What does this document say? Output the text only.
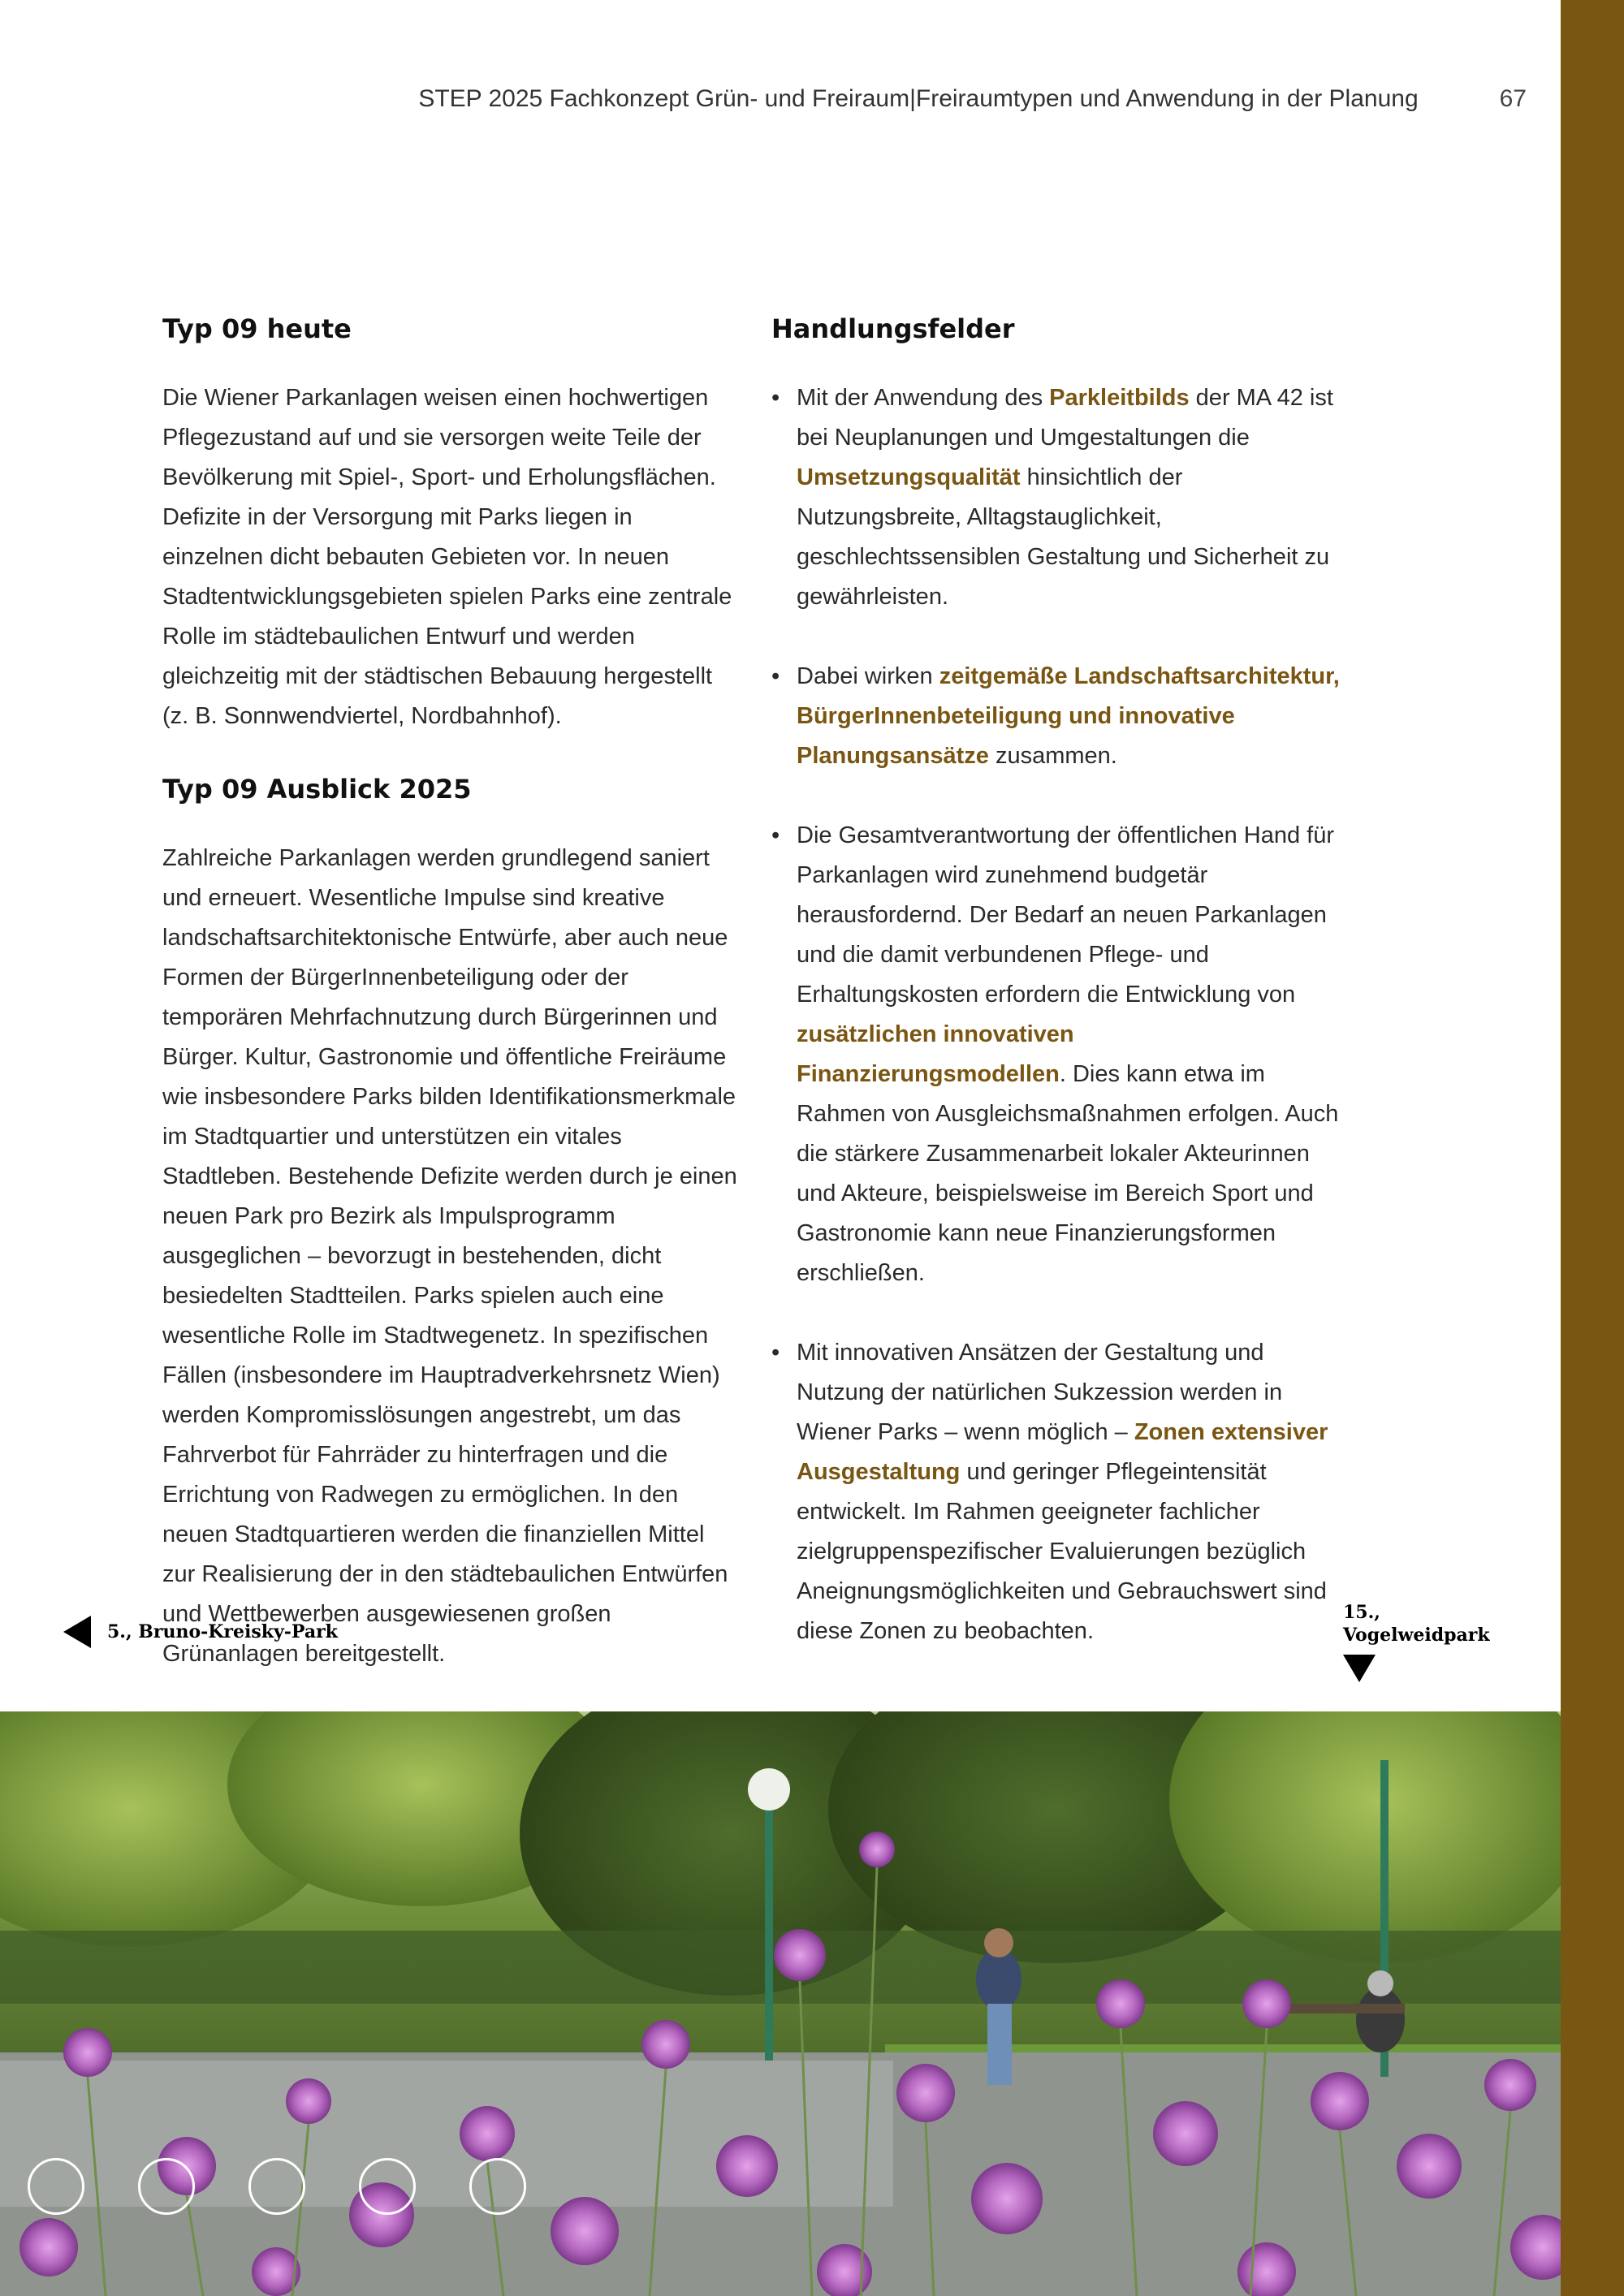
STEP 2025 Fachkonzept Grün- und Freiraum | Freiraumtypen und Anwendung in der Planung	67
Typ 09 heute

Die Wiener Parkanlagen weisen einen hochwertigen Pflegezustand auf und sie versorgen weite Teile der Bevölkerung mit Spiel-, Sport- und Erholungsflächen. Defizite in der Versorgung mit Parks liegen in einzelnen dicht bebauten Gebieten vor. In neuen Stadtentwicklungsgebieten spielen Parks eine zentrale Rolle im städtebaulichen Entwurf und werden gleichzeitig mit der städtischen Bebauung hergestellt (z. B. Sonnwendviertel, Nordbahnhof).

Typ 09 Ausblick 2025

Zahlreiche Parkanlagen werden grundlegend saniert und erneuert. Wesentliche Impulse sind kreative landschaftsarchitektonische Entwürfe, aber auch neue Formen der BürgerInnenbeteiligung oder der temporären Mehrfachnutzung durch Bürgerinnen und Bürger. Kultur, Gastronomie und öffentliche Freiräume wie insbesondere Parks bilden Identifikationsmerkmale im Stadtquartier und unterstützen ein vitales Stadtleben. Bestehende Defizite werden durch je einen neuen Park pro Bezirk als Impulsprogramm ausgeglichen – bevorzugt in bestehenden, dicht besiedelten Stadtteilen. Parks spielen auch eine wesentliche Rolle im Stadtwegenetz. In spezifischen Fällen (insbesondere im Hauptradverkehrsnetz Wien) werden Kompromisslösungen angestrebt, um das Fahrverbot für Fahrräder zu hinterfragen und die Errichtung von Radwegen zu ermöglichen. In den neuen Stadtquartieren werden die finanziellen Mittel zur Realisierung der in den städtebaulichen Entwürfen und Wettbewerben ausgewiesenen großen Grünanlagen bereitgestellt.

Handlungsfelder
• Mit der Anwendung des Parkleitbilds der MA 42 ist bei Neuplanungen und Umgestaltungen die Umsetzungsqualität hinsichtlich der Nutzungsbreite, Alltagstauglichkeit, geschlechtssensiblen Gestaltung und Sicherheit zu gewährleisten.
• Dabei wirken zeitgemäße Landschaftsarchitektur, BürgerInnenbeteiligung und innovative Planungsansätze zusammen.
• Die Gesamtverantwortung der öffentlichen Hand für Parkanlagen wird zunehmend budgetär herausfordernd. Der Bedarf an neuen Parkanlagen und die damit verbundenen Pflege- und Erhaltungskosten erfordern die Entwicklung von zusätzlichen innovativen Finanzierungsmodellen. Dies kann etwa im Rahmen von Ausgleichsmaßnahmen erfolgen. Auch die stärkere Zusammenarbeit lokaler Akteurinnen und Akteure, beispielsweise im Bereich Sport und Gastronomie kann neue Finanzierungsformen erschließen.
• Mit innovativen Ansätzen der Gestaltung und Nutzung der natürlichen Sukzession werden in Wiener Parks – wenn möglich – Zonen extensiver Ausgestaltung und geringer Pflegeintensität entwickelt. Im Rahmen geeigneter fachlicher zielgruppenspezifischer Evaluierungen bezüglich Aneignungsmöglichkeiten und Gebrauchswert sind diese Zonen zu beobachten.
5., Bruno-Kreisky-Park
15.,
Vogelweidpark
